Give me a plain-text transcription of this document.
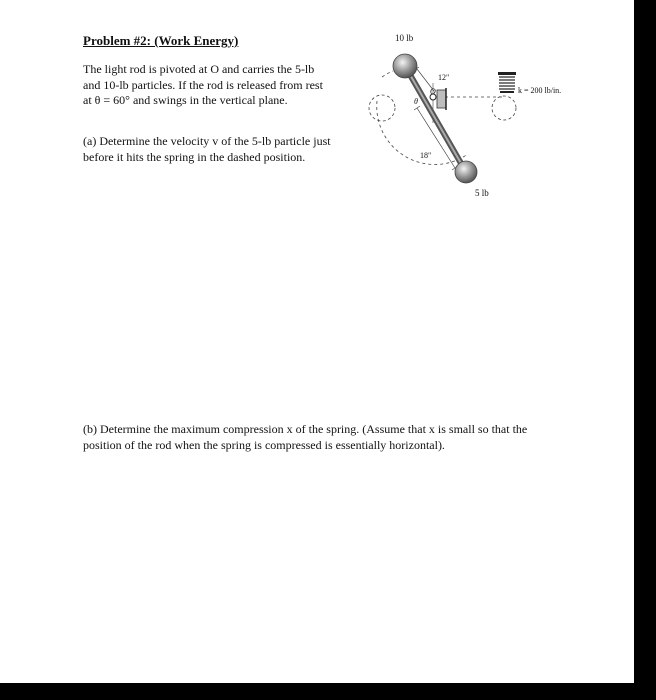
Problem #2: (Work Energy)
The light rod is pivoted at O and carries the 5-lb
and 10-lb particles. If the rod is released from rest
at θ = 60° and swings in the vertical plane.
(a) Determine the velocity v of the 5-lb particle just
before it hits the spring in the dashed position.
(b) Determine the maximum compression x of the spring. (Assume that x is small so that the
position of the rod when the spring is compressed is essentially horizontal).
10 lb
12"
θ
O
18"
5 lb
k = 200 lb/in.
